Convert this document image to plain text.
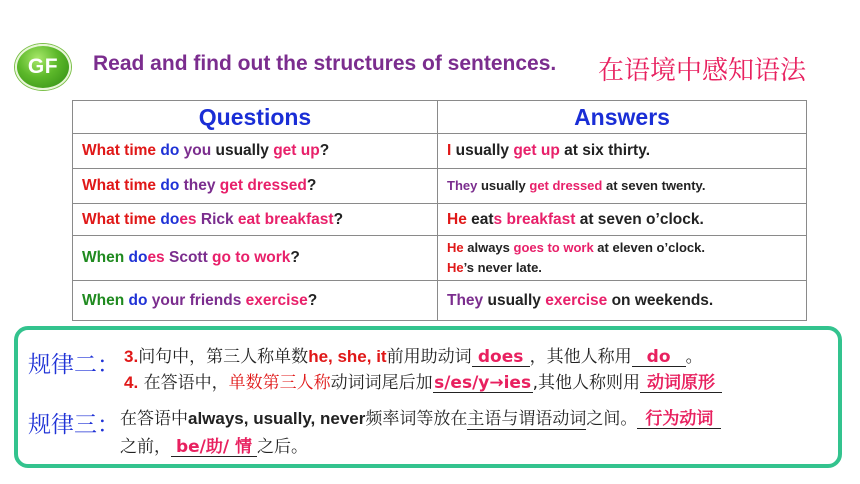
GF	Read and find out the structures of sentences. 在语境中感知语法
Questions	Answers
What time do you usually get up?	I usually get up at six thirty.

What time do they get dressed?	They usually get dressed at seven twenty.

What time does Rick eat breakfast?	He eats breakfast at seven o’clock.

When does Scott go to work?	He always goes to work at eleven o’clock.
He’s never late.

When do your friends exercise?	They usually exercise on weekends.
规律二： 3.问句中，第三人称单数he, she, it前用助动词 does ，其他人称用 do 。
4. 在答语中，单数第三人称动词词尾后加s/es/y→ies,其他人称则用 动词原形
规律三： 在答语中always, usually, never频率词等放在主语与谓语动词之间。 行为动词
之前， be/助/ 情 之后。
